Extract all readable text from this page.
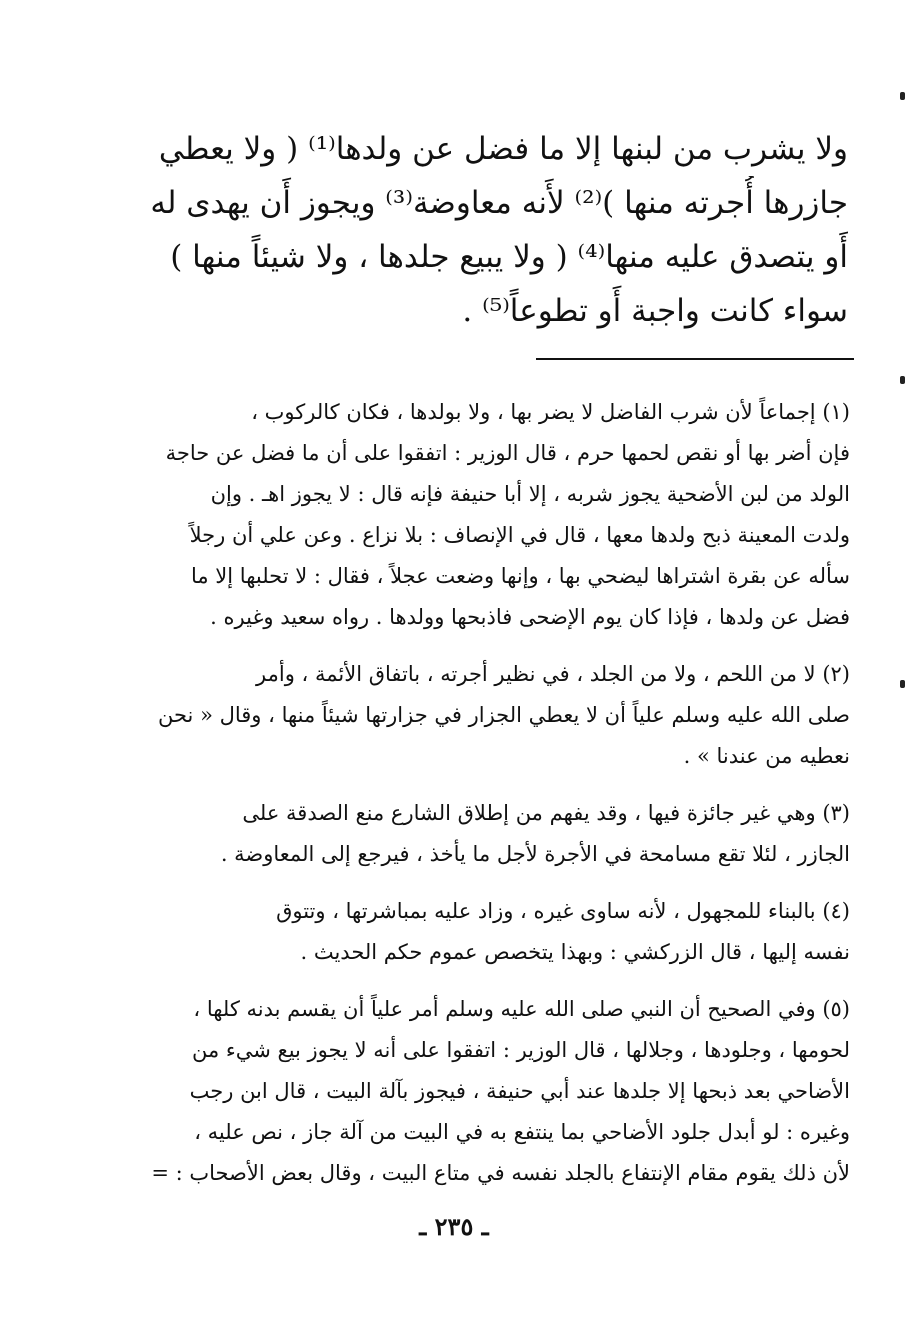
ولا يشرب من لبنها إلا ما فضل عن ولدها⁽¹⁾ ( ولا يعطي
جازرها أُجرته منها )⁽²⁾ لأَنه معاوضة⁽³⁾ ويجوز أَن يهدى له
أَو يتصدق عليه منها⁽⁴⁾ ( ولا يبيع جلدها ، ولا شيئاً منها )
سواء كانت واجبة أَو تطوعاً⁽⁵⁾ .
(١) إجماعاً لأن شرب الفاضل لا يضر بها ، ولا بولدها ، فكان كالركوب ،
فإن أضر بها أو نقص لحمها حرم ، قال الوزير : اتفقوا على أن ما فضل عن حاجة
الولد من لبن الأضحية يجوز شربه ، إلا أبا حنيفة فإنه قال : لا يجوز اهـ . وإن
ولدت المعينة ذبح ولدها معها ، قال في الإنصاف : بلا نزاع . وعن علي أن رجلاً
سأله عن بقرة اشتراها ليضحي بها ، وإنها وضعت عجلاً ، فقال : لا تحلبها إلا ما
فضل عن ولدها ، فإذا كان يوم الإضحى فاذبحها وولدها . رواه سعيد وغيره .
(٢) لا من اللحم ، ولا من الجلد ، في نظير أجرته ، باتفاق الأئمة ، وأمر
صلى الله عليه وسلم علياً أن لا يعطي الجزار في جزارتها شيئاً منها ، وقال « نحن
نعطيه من عندنا » .
(٣) وهي غير جائزة فيها ، وقد يفهم من إطلاق الشارع منع الصدقة على
الجازر ، لئلا تقع مسامحة في الأجرة لأجل ما يأخذ ، فيرجع إلى المعاوضة .
(٤) بالبناء للمجهول ، لأنه ساوى غيره ، وزاد عليه بمباشرتها ، وتتوق
نفسه إليها ، قال الزركشي : وبهذا يتخصص عموم حكم الحديث .
(٥) وفي الصحيح أن النبي صلى الله عليه وسلم أمر علياً أن يقسم بدنه كلها ،
لحومها ، وجلودها ، وجلالها ، قال الوزير : اتفقوا على أنه لا يجوز بيع شيء من
الأضاحي بعد ذبحها إلا جلدها عند أبي حنيفة ، فيجوز بآلة البيت ، قال ابن رجب
وغيره : لو أبدل جلود الأضاحي بما ينتفع به في البيت من آلة جاز ، نص عليه ،
لأن ذلك يقوم مقام الإنتفاع بالجلد نفسه في متاع البيت ، وقال بعض الأصحاب : =
ـ ٢٣٥ ـ
